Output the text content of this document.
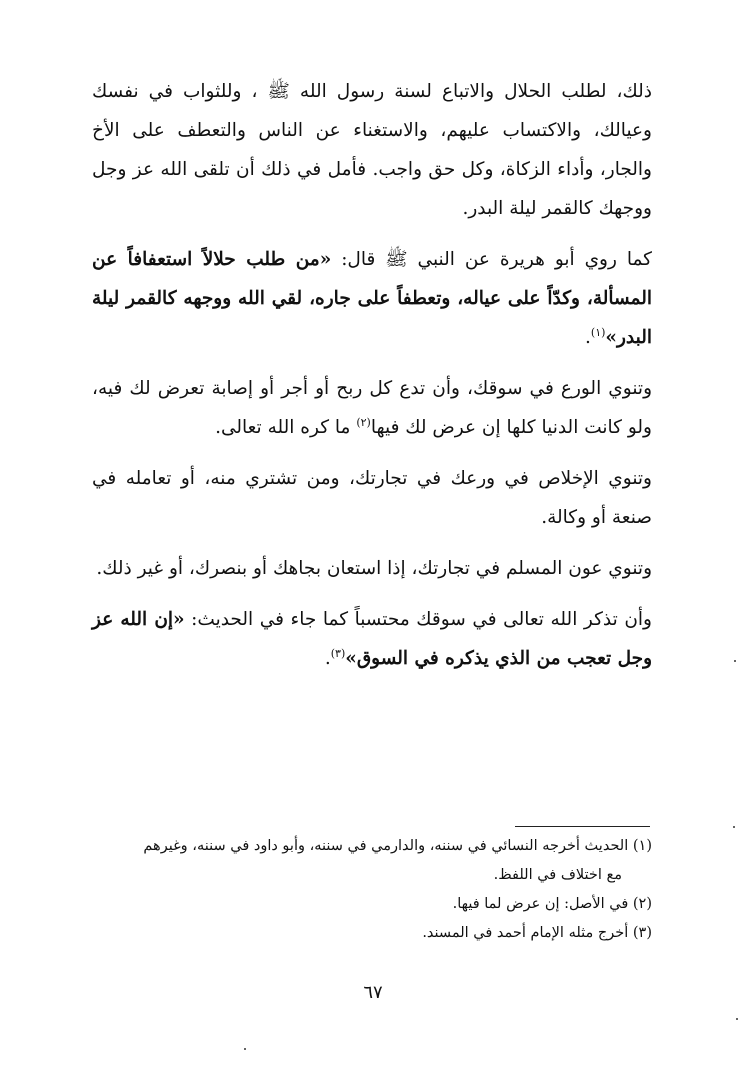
ذلك، لطلب الحلال والاتباع لسنة رسول الله ﷺ ، وللثواب في نفسك وعيالك، والاكتساب عليهم، والاستغناء عن الناس والتعطف على الأخ والجار، وأداء الزكاة، وكل حق واجب. فأمل في ذلك أن تلقى الله عز وجل ووجهك كالقمر ليلة البدر.

كما روي أبو هريرة عن النبي ﷺ قال: «من طلب حلالاً استعفافاً عن المسألة، وكدّاً على عياله، وتعطفاً على جاره، لقي الله ووجهه كالقمر ليلة البدر»$^{(١)}$.

وتنوي الورع في سوقك، وأن تدع كل ربح أو أجر أو إصابة تعرض لك فيه، ولو كانت الدنيا كلها إن عرض لك فيها$^{(٢)}$ ما كره الله تعالى.

وتنوي الإخلاص في ورعك في تجارتك، ومن تشتري منه، أو تعامله في صنعة أو وكالة.

وتنوي عون المسلم في تجارتك، إذا استعان بجاهك أو بنصرك، أو غير ذلك.

وأن تذكر الله تعالى في سوقك محتسباً كما جاء في الحديث: «إن الله عز وجل تعجب من الذي يذكره في السوق»$^{(٣)}$.

(١) الحديث أخرجه النسائي في سننه، والدارمي في سننه، وأبو داود في سننه، وغيرهم
مع اختلاف في اللفظ.

(٢) في الأصل: إن عرض لما فيها.

(٣) أخرج مثله الإمام أحمد في المسند.

٦٧
